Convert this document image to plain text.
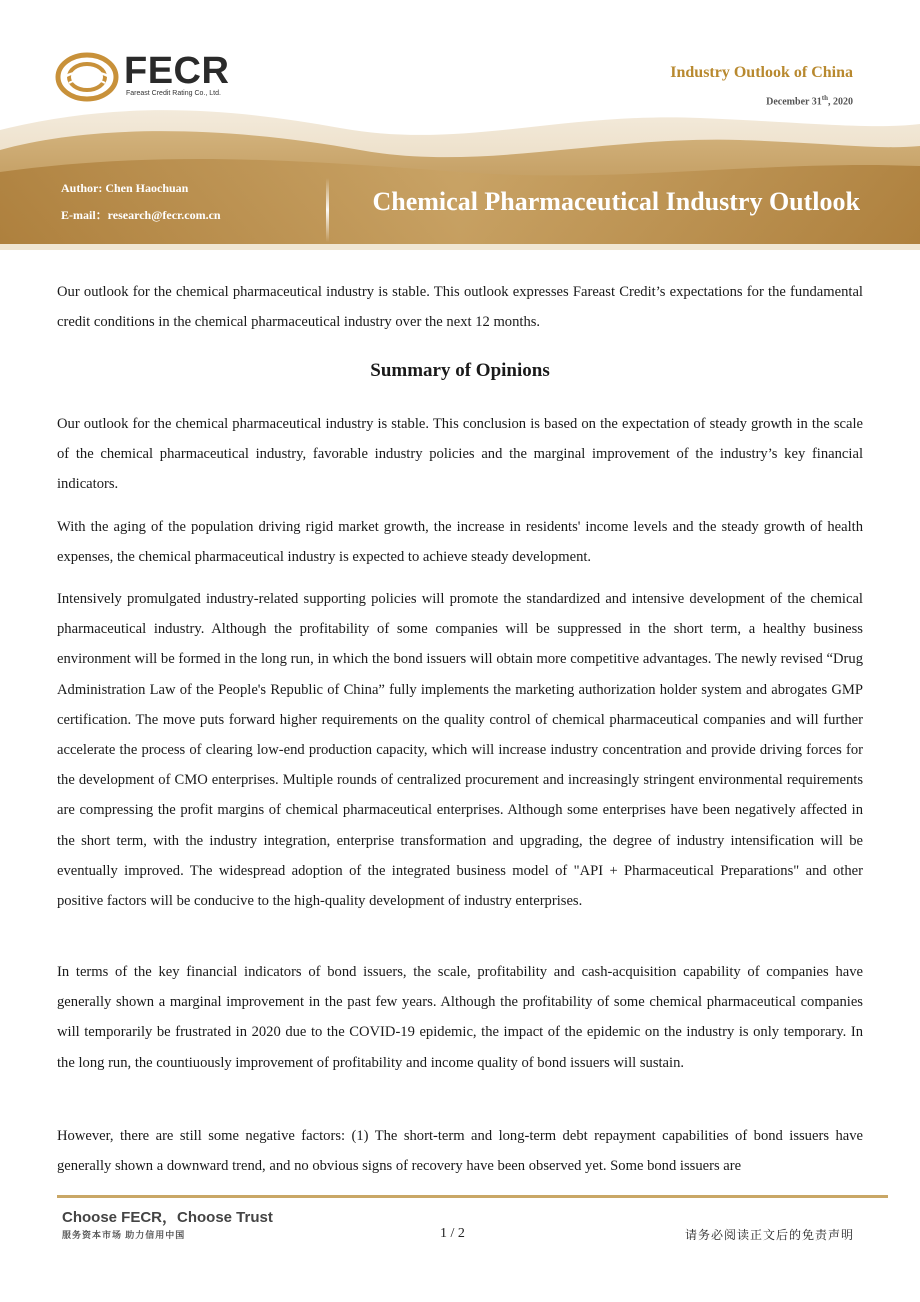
FECR
Fareast Credit Rating Co., Ltd.
Industry Outlook of China
December 31th, 2020
Author: Chen Haochuan
E-mail：research@fecr.com.cn	Chemical Pharmaceutical Industry Outlook

Our outlook for the chemical pharmaceutical industry is stable. This outlook expresses Fareast Credit’s expectations for the fundamental credit conditions in the chemical pharmaceutical industry over the next 12 months.

Summary of Opinions

Our outlook for the chemical pharmaceutical industry is stable. This conclusion is based on the expectation of steady growth in the scale of the chemical pharmaceutical industry, favorable industry policies and the marginal improvement of the industry’s key financial indicators.

With the aging of the population driving rigid market growth, the increase in residents' income levels and the steady growth of health expenses, the chemical pharmaceutical industry is expected to achieve steady development.

Intensively promulgated industry-related supporting policies will promote the standardized and intensive development of the chemical pharmaceutical industry. Although the profitability of some companies will be suppressed in the short term, a healthy business environment will be formed in the long run, in which the bond issuers will obtain more competitive advantages. The newly revised “Drug Administration Law of the People's Republic of China” fully implements the marketing authorization holder system and abrogates GMP certification. The move puts forward higher requirements on the quality control of chemical pharmaceutical companies and will further accelerate the process of clearing low-end production capacity, which will increase industry concentration and provide driving forces for the development of CMO enterprises. Multiple rounds of centralized procurement and increasingly stringent environmental requirements are compressing the profit margins of chemical pharmaceutical enterprises. Although some enterprises have been negatively affected in the short term, with the industry integration, enterprise transformation and upgrading, the degree of industry intensification will be eventually improved. The widespread adoption of the integrated business model of "API + Pharmaceutical Preparations" and other positive factors will be conducive to the high-quality development of industry enterprises.

In terms of the key financial indicators of bond issuers, the scale, profitability and cash-acquisition capability of companies have generally shown a marginal improvement in the past few years. Although the profitability of some chemical pharmaceutical companies will temporarily be frustrated in 2020 due to the COVID-19 epidemic, the impact of the epidemic on the industry is only temporary. In the long run, the countiuously improvement of profitability and income quality of bond issuers will sustain.

However, there are still some negative factors: (1) The short-term and long-term debt repayment capabilities of bond issuers have generally shown a downward trend, and no obvious signs of recovery have been observed yet. Some bond issuers are

Choose FECR，Choose Trust
服务资本市场 助力信用中国	1 / 2	请务必阅读正文后的免责声明
